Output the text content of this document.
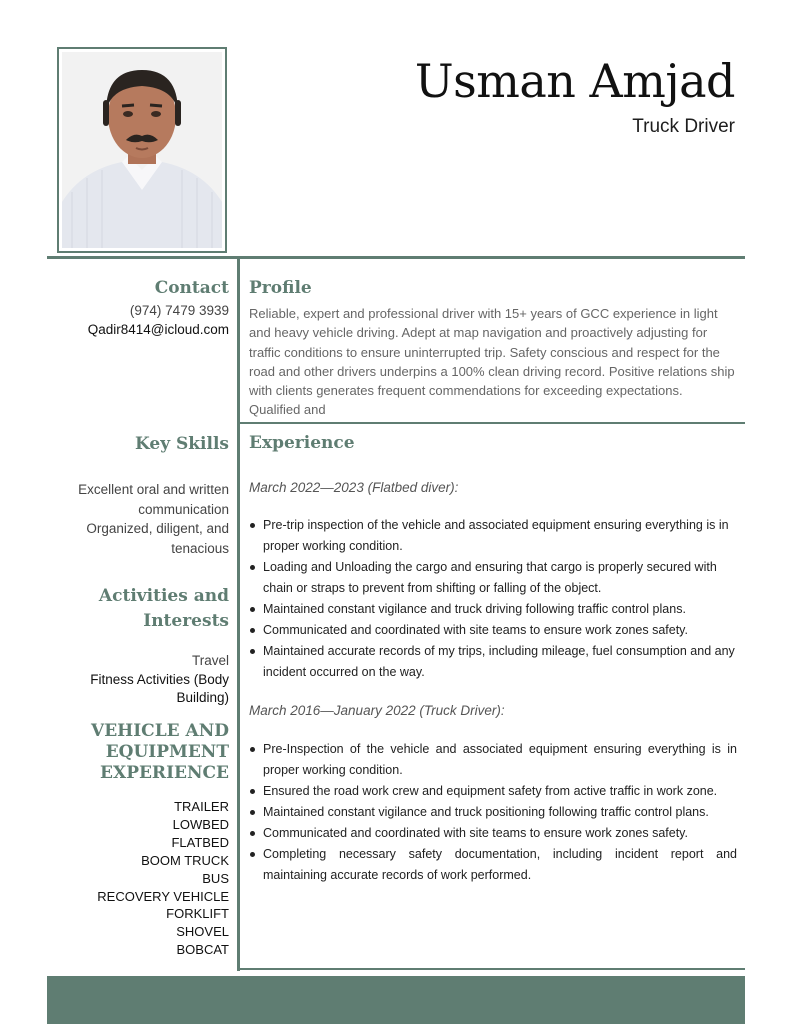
Usman Amjad
Truck Driver
Contact
(974) 7479 3939
Qadir8414@icloud.com
Key Skills
Excellent oral and written
communication
Organized, diligent, and
tenacious
Activities and
Interests
Travel
Fitness Activities (Body
Building)
VEHICLE AND
EQUIPMENT
EXPERIENCE
TRAILER
LOWBED
FLATBED
BOOM TRUCK
BUS
RECOVERY VEHICLE
FORKLIFT
SHOVEL
BOBCAT
Profile
Reliable, expert and professional driver with 15+ years of GCC experience in light and heavy vehicle driving. Adept at map navigation and proactively adjusting for traffic conditions to ensure uninterrupted trip. Safety conscious and respect for the road and other drivers underpins a 100% clean driving record. Positive relations ship with clients generates frequent commendations for exceeding expectations. Qualified and
Experience
March 2022—2023 (Flatbed diver):
Pre-trip inspection of the vehicle and associated equipment ensuring everything is in proper working condition.
Loading and Unloading the cargo and ensuring that cargo is properly secured with chain or straps to prevent from shifting or falling of the object.
Maintained constant vigilance and truck driving following traffic control plans.
Communicated and coordinated with site teams to ensure work zones safety.
Maintained accurate records of my trips, including mileage, fuel consumption and any incident occurred on the way.
March 2016—January 2022 (Truck Driver):
Pre-Inspection of the vehicle and associated equipment ensuring everything is in proper working condition.
Ensured the road work crew and equipment safety from active traffic in work zone.
Maintained constant vigilance and truck positioning following traffic control plans.
Communicated and coordinated with site teams to ensure work zones safety.
Completing necessary safety documentation, including incident report and maintaining accurate records of work performed.
